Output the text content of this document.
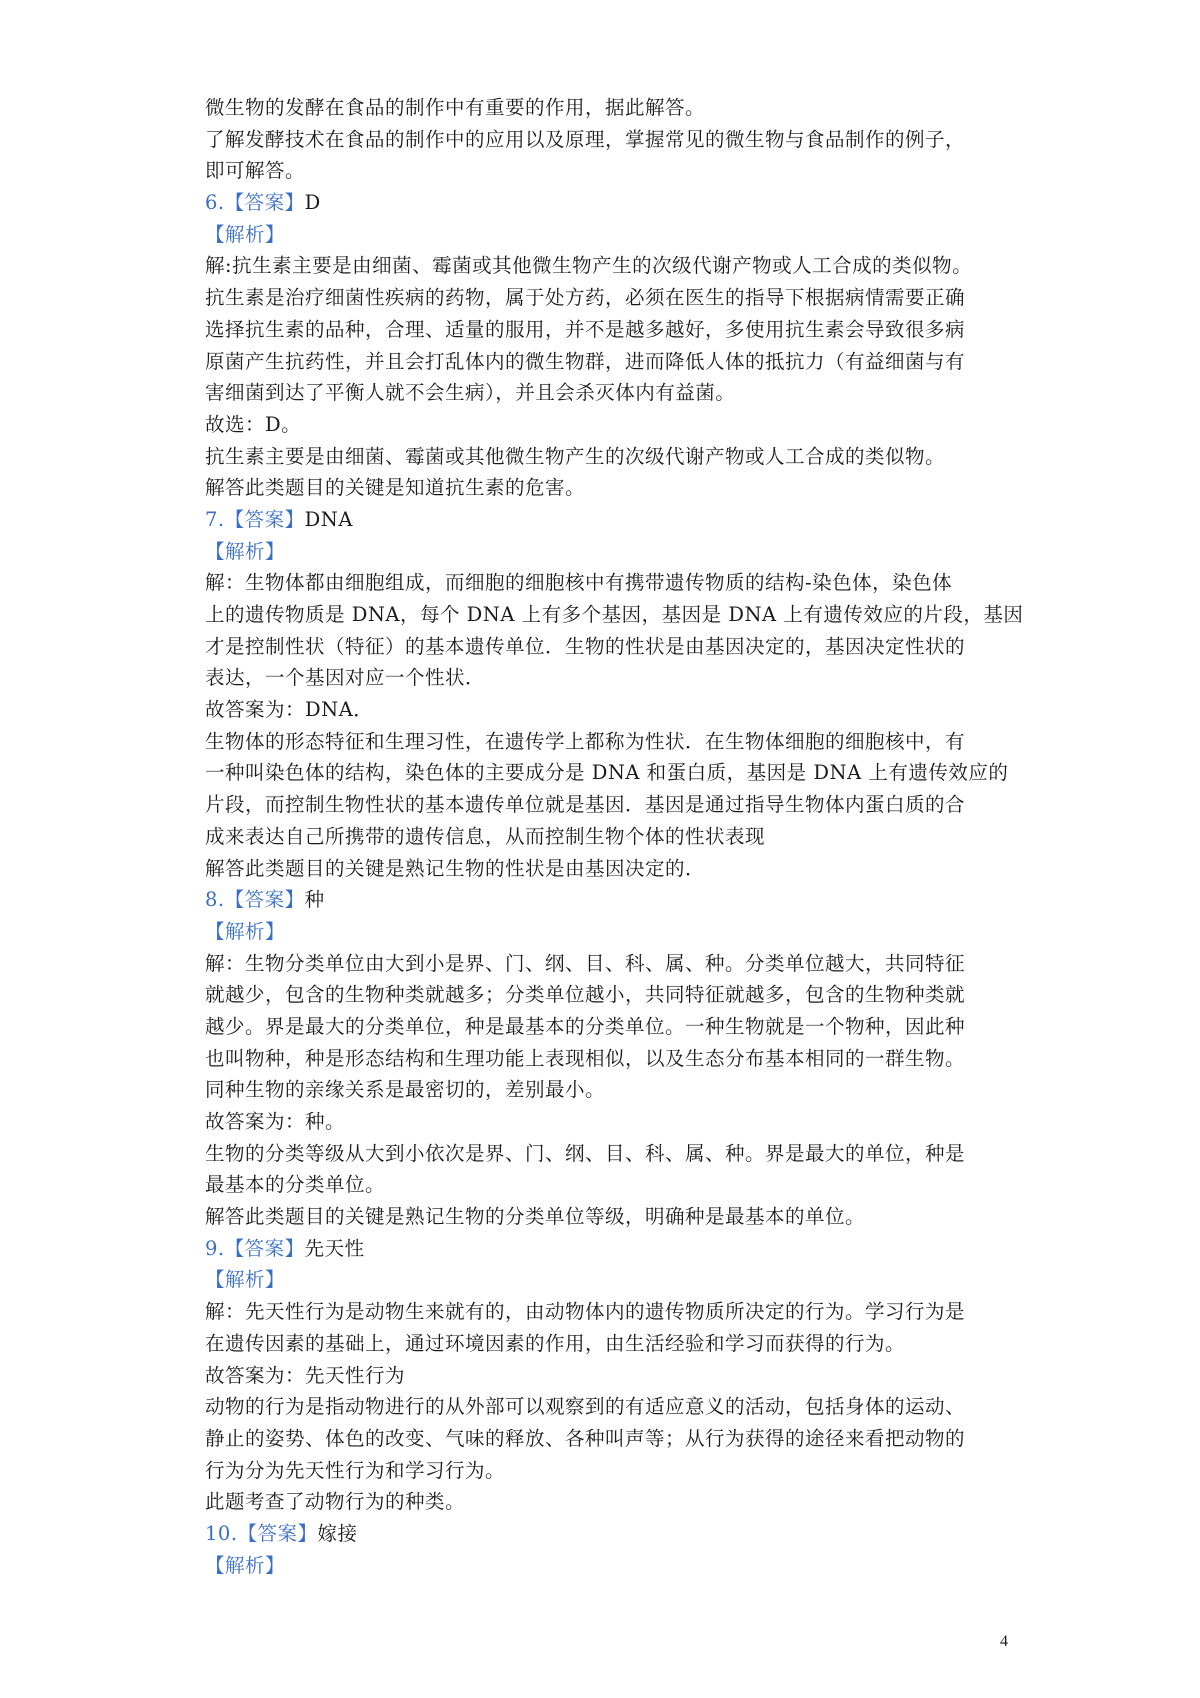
微生物的发酵在食品的制作中有重要的作用，据此解答。
了解发酵技术在食品的制作中的应用以及原理，掌握常见的微生物与食品制作的例子，
即可解答。
6.【答案】D
【解析】
解:抗生素主要是由细菌、霉菌或其他微生物产生的次级代谢产物或人工合成的类似物。
抗生素是治疗细菌性疾病的药物，属于处方药，必须在医生的指导下根据病情需要正确
选择抗生素的品种，合理、适量的服用，并不是越多越好，多使用抗生素会导致很多病
原菌产生抗药性，并且会打乱体内的微生物群，进而降低人体的抵抗力（有益细菌与有
害细菌到达了平衡人就不会生病），并且会杀灭体内有益菌。
故选：D。
抗生素主要是由细菌、霉菌或其他微生物产生的次级代谢产物或人工合成的类似物。
解答此类题目的关键是知道抗生素的危害。
7.【答案】DNA
【解析】
解：生物体都由细胞组成，而细胞的细胞核中有携带遗传物质的结构-染色体，染色体
上的遗传物质是 DNA，每个 DNA 上有多个基因，基因是 DNA 上有遗传效应的片段，基因
才是控制性状（特征）的基本遗传单位．生物的性状是由基因决定的，基因决定性状的
表达，一个基因对应一个性状．
故答案为：DNA．
生物体的形态特征和生理习性，在遗传学上都称为性状．在生物体细胞的细胞核中，有
一种叫染色体的结构，染色体的主要成分是 DNA 和蛋白质，基因是 DNA 上有遗传效应的
片段，而控制生物性状的基本遗传单位就是基因．基因是通过指导生物体内蛋白质的合
成来表达自己所携带的遗传信息，从而控制生物个体的性状表现
解答此类题目的关键是熟记生物的性状是由基因决定的．
8.【答案】种
【解析】
解：生物分类单位由大到小是界、门、纲、目、科、属、种。分类单位越大，共同特征
就越少，包含的生物种类就越多；分类单位越小，共同特征就越多，包含的生物种类就
越少。界是最大的分类单位，种是最基本的分类单位。一种生物就是一个物种，因此种
也叫物种，种是形态结构和生理功能上表现相似，以及生态分布基本相同的一群生物。
同种生物的亲缘关系是最密切的，差别最小。
故答案为：种。
生物的分类等级从大到小依次是界、门、纲、目、科、属、种。界是最大的单位，种是
最基本的分类单位。
解答此类题目的关键是熟记生物的分类单位等级，明确种是最基本的单位。
9.【答案】先天性
【解析】
解：先天性行为是动物生来就有的，由动物体内的遗传物质所决定的行为。学习行为是
在遗传因素的基础上，通过环境因素的作用，由生活经验和学习而获得的行为。
故答案为：先天性行为
动物的行为是指动物进行的从外部可以观察到的有适应意义的活动，包括身体的运动、
静止的姿势、体色的改变、气味的释放、各种叫声等；从行为获得的途径来看把动物的
行为分为先天性行为和学习行为。
此题考查了动物行为的种类。
10.【答案】嫁接
【解析】
4
